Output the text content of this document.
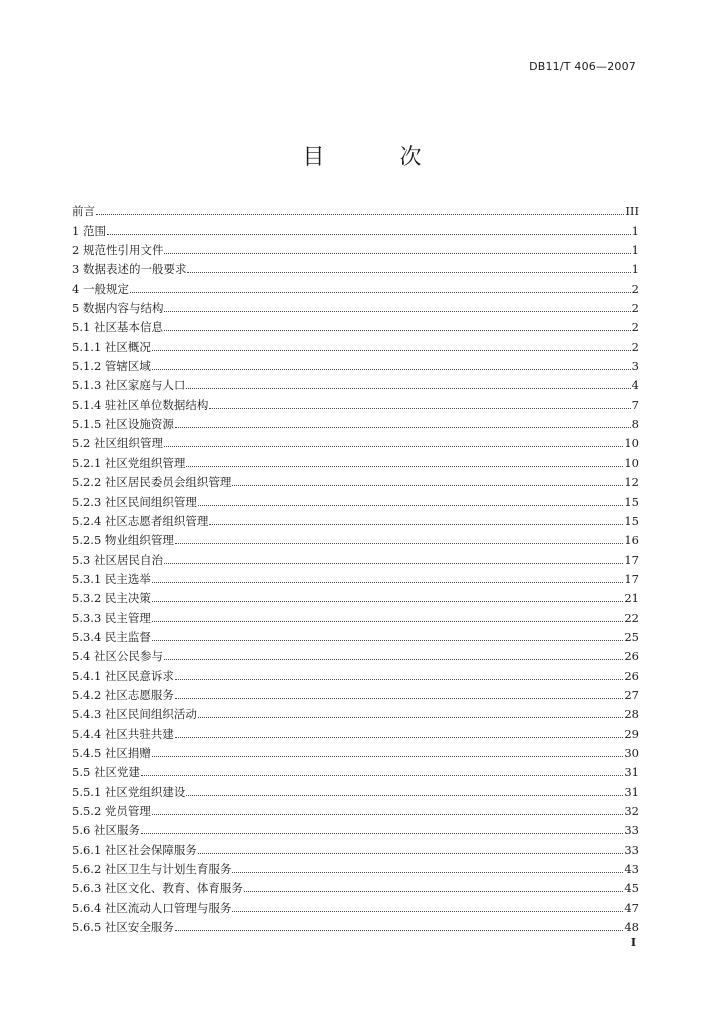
DB11/T 406—2007
目 次
前言	III
1 范围	1
2 规范性引用文件	1
3 数据表述的一般要求	1
4 一般规定	2
5 数据内容与结构	2
5.1 社区基本信息	2
5.1.1 社区概况	2
5.1.2 管辖区域	3
5.1.3 社区家庭与人口	4
5.1.4 驻社区单位数据结构	7
5.1.5 社区设施资源	8
5.2 社区组织管理	10
5.2.1 社区党组织管理	10
5.2.2 社区居民委员会组织管理	12
5.2.3 社区民间组织管理	15
5.2.4 社区志愿者组织管理	15
5.2.5 物业组织管理	16
5.3 社区居民自治	17
5.3.1 民主选举	17
5.3.2 民主决策	21
5.3.3 民主管理	22
5.3.4 民主监督	25
5.4 社区公民参与	26
5.4.1 社区民意诉求	26
5.4.2 社区志愿服务	27
5.4.3 社区民间组织活动	28
5.4.4 社区共驻共建	29
5.4.5 社区捐赠	30
5.5 社区党建	31
5.5.1 社区党组织建设	31
5.5.2 党员管理	32
5.6 社区服务	33
5.6.1 社区社会保障服务	33
5.6.2 社区卫生与计划生育服务	43
5.6.3 社区文化、教育、体育服务	45
5.6.4 社区流动人口管理与服务	47
5.6.5 社区安全服务	48
I
